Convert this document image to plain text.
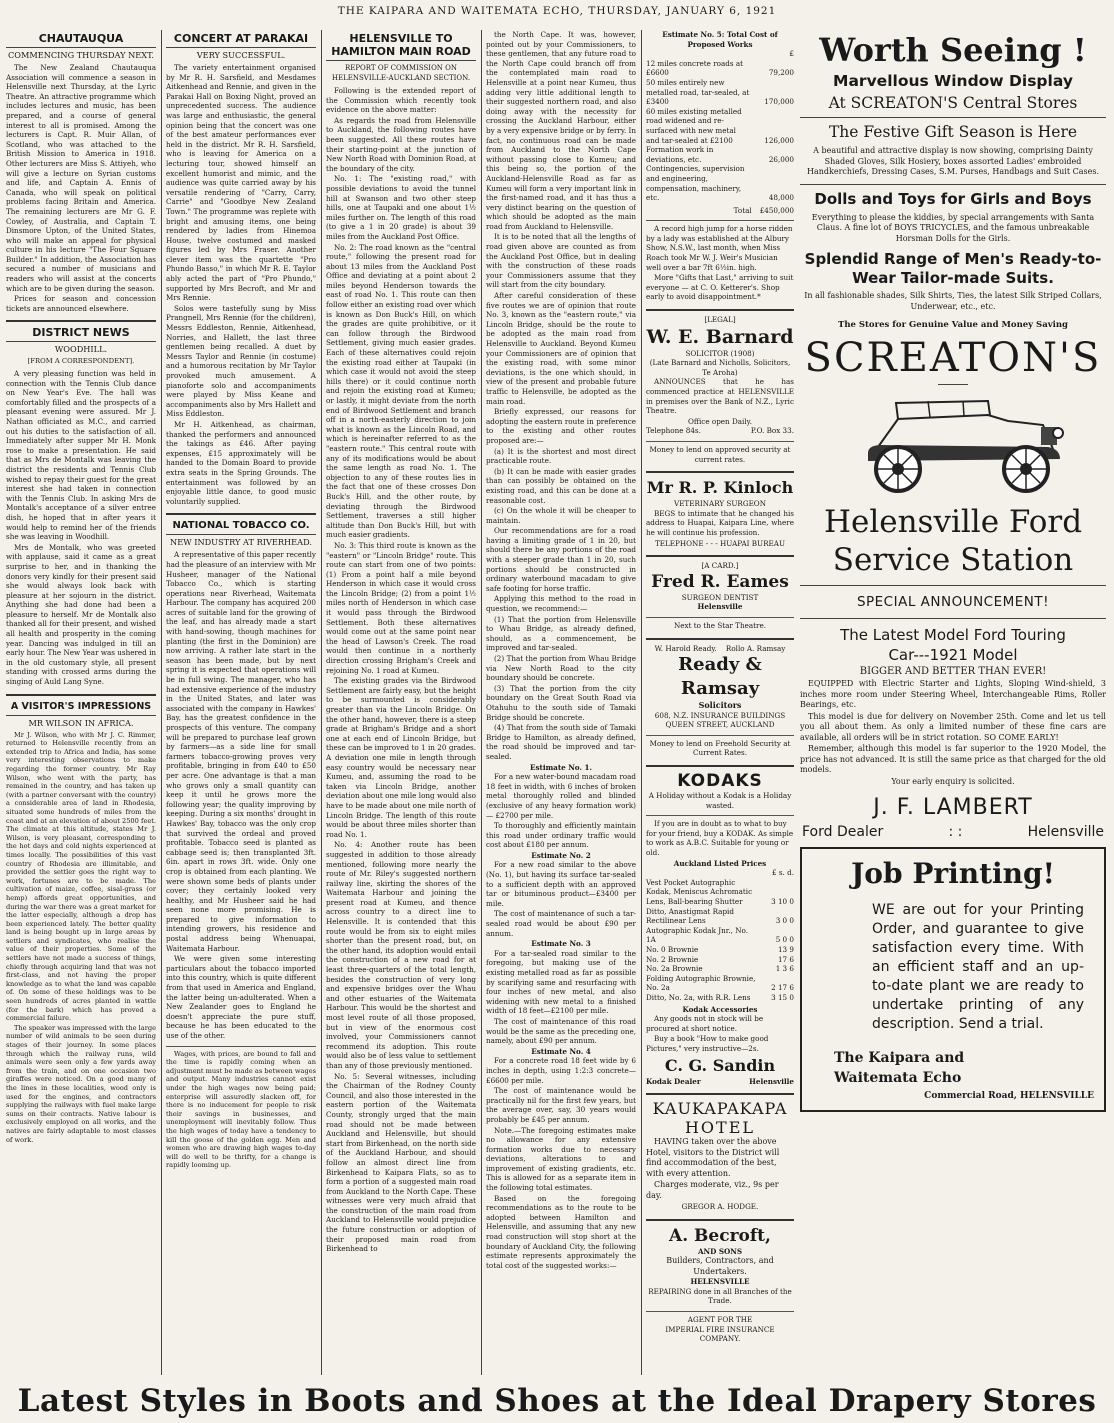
THE KAIPARA AND WAITEMATA ECHO, THURSDAY, JANUARY 6, 1921
CHAUTAUQUA
COMMENCING THURSDAY NEXT.

The New Zealand Chautauqua Association will commence a season in Helensville next Thursday, at the Lyric Theatre. An attractive programme which includes lectures and music, has been prepared, and a course of general interest to all is promised. Among the lecturers is Capt. R. Muir Allan, of Scotland, who was attached to the British Mission to America in 1918. Other lecturers are Miss S. Attiyeh, who will give a lecture on Syrian customs and life, and Captain A. Ennis of Canada, who will speak on political problems facing Britain and America. The remaining lecturers are Mr G. F. Cowley, of Australia, and Captain T. Dinsmore Upton, of the United States, who will make an appeal for physical culture in his lecture "The Four Square Builder." In addition, the Association has secured a number of musicians and readers who will assist at the concerts which are to be given during the season.

Prices for season and concession tickets are announced elsewhere.

DISTRICT NEWS
WOODHILL.
[FROM A CORRESPONDENT].

A very pleasing function was held in connection with the Tennis Club dance on New Year's Eve. The hall was comfortably filled and the prospects of a pleasant evening were assured. Mr J. Nathan officiated as M.C., and carried out his duties to the satisfaction of all. Immediately after supper Mr H. Monk rose to make a presentation. He said that as Mrs de Montalk was leaving the district the residents and Tennis Club wished to repay their guest for the great interest she had taken in connection with the Tennis Club. In asking Mrs de Montalk's acceptance of a silver entree dish, he hoped that in after years it would help to remind her of the friends she was leaving in Woodhill.

Mrs de Montalk, who was greeted with applause, said it came as a great surprise to her, and in thanking the donors very kindly for their present said she would always look back with pleasure at her sojourn in the district. Anything she had done had been a pleasure to herself. Mr de Montalk also thanked all for their present, and wished all health and prosperity in the coming year. Dancing was indulged in till an early hour. The New Year was ushered in in the old customary style, all present standing with crossed arms during the singing of Auld Lang Syne.

A VISITOR'S IMPRESSIONS
MR WILSON IN AFRICA.

Mr J. Wilson, who with Mr J. C. Rimmer, returned to Helensville recently from an extended trip to Africa and India, has some very interesting observations to make regarding the former country. Mr Ray Wilson, who went with the party, has remained in the country, and has taken up (with a partner conversant with the country) a considerable area of land in Rhodesia, situated some hundreds of miles from the coast and at an elevation of about 2500 feet. The climate at this altitude, states Mr J. Wilson, is very pleasant, corresponding to the hot days and cold nights experienced at times locally. The possibilities of this vast country of Rhodesia are illimitable, and provided the settler goes the right way to work, fortunes are to be made. The cultivation of maize, coffee, sisal-grass (or hemp) affords great opportunities, and during the war there was a great market for the latter especially, although a drop has been experienced lately. The better quality land is being bought up in large areas by settlers and syndicates, who realise the value of their properties. Some of the settlers have not made a success of things, chiefly through acquiring land that was not first-class, and not having the proper knowledge as to what the land was capable of. On some of these holdings was to be seen hundreds of acres planted in wattle (for the bark) which has proved a commercial failure.

The speaker was impressed with the large number of wild animals to be seen during stages of their journey. In some places through which the railway runs, wild animals were seen only a few yards away from the train, and on one occasion two giraffes were noticed. On a good many of the lines in these localities, wood only is used for the engines, and contractors supplying the railways with fuel make large sums on their contracts. Native labour is exclusively employed on all works, and the natives are fairly adaptable to most classes of work.

CONCERT AT PARAKAI
VERY SUCCESSFUL.

The variety entertainment organised by Mr R. H. Sarsfield, and Mesdames Aitkenhead and Rennie, and given in the Parakai Hall on Boxing Night, proved an unprecedented success. The audience was large and enthusiastic, the general opinion being that the concert was one of the best amateur performances ever held in the district. Mr R. H. Sarsfield, who is leaving for America on a lecturing tour, showed himself an excellent humorist and mimic, and the audience was quite carried away by his versatile rendering of "Carry, Carry, Carrie" and "Goodbye New Zealand Town." The programme was replete with bright and amusing items, one being rendered by ladies from Hinemoa House, twelve costumed and masked figures led by Mrs Fraser. Another clever item was the quartette "Pro Phundo Basso," in which Mr R. E. Taylor ably acted the part of "Pro Phundo," supported by Mrs Becroft, and Mr and Mrs Rennie.

Solos were tastefully sung by Miss Prangnell, Mrs Rennie (for the children), Messrs Eddleston, Rennie, Aitkenhead, Norries, and Hallett, the last three gentlemen being recalled. A duet by Messrs Taylor and Rennie (in costume) and a humorous recitation by Mr Taylor provoked much amusement. A pianoforte solo and accompaniments were played by Miss Keane and accompaniments also by Mrs Hallett and Miss Eddleston.

Mr H. Aitkenhead, as chairman, thanked the performers and announced the takings as £46. After paying expenses, £15 approximately will be handed to the Domain Board to provide extra seats in the Spring Grounds. The entertainment was followed by an enjoyable little dance, to good music voluntarily supplied.

NATIONAL TOBACCO CO.
NEW INDUSTRY AT RIVERHEAD.

A representative of this paper recently had the pleasure of an interview with Mr Husheer, manager of the National Tobacco Co., which is starting operations near Riverhead, Waitemata Harbour. The company has acquired 200 acres of suitable land for the growing of the leaf, and has already made a start with hand-sowing, though machines for planting (the first in the Dominion) are now arriving. A rather late start in the season has been made, but by next spring it is expected that operations will be in full swing. The manager, who has had extensive experience of the industry in the United States, and later was associated with the company in Hawkes' Bay, has the greatest confidence in the prospects of this venture. The company will be prepared to purchase leaf grown by farmers—as a side line for small farmers tobacco-growing proves very profitable, bringing in from £40 to £50 per acre. One advantage is that a man who grows only a small quantity can keep it until he grows more the following year; the quality improving by keeping. During a six months' drought in Hawkes' Bay, tobacco was the only crop that survived the ordeal and proved profitable. Tobacco seed is planted as cabbage seed is; then transplanted 3ft. 6in. apart in rows 3ft. wide. Only one crop is obtained from each planting. We were shown some beds of plants under cover; they certainly looked very healthy, and Mr Husheer said he had seen none more promising. He is prepared to give information to intending growers, his residence and postal address being Whenuapai, Waitemata Harbour.

We were given some interesting particulars about the tobacco imported into this country, which is quite different from that used in America and England, the latter being un-adulterated. When a New Zealander goes to England he doesn't appreciate the pure stuff, because he has been educated to the use of the other.

Wages, with prices, are bound to fall and the time is rapidly coming when an adjustment must be made as between wages and output. Many industries cannot exist under the high wages now being paid; enterprise will assuredly slacken off, for there is no inducement for people to risk their savings in businesses, and unemployment will inevitably follow. Thus the high wages of today have a tendency to kill the goose of the golden egg. Men and women who are drawing high wages to-day will do well to be thrifty, for a change is rapidly looming up.

HELENSVILLE TO HAMILTON MAIN ROAD
REPORT OF COMMISSION ON HELENSVILLE-AUCKLAND SECTION.

Following is the extended report of the Commission which recently took evidence on the above matter:

As regards the road from Helensville to Auckland, the following routes have been suggested. All these routes have their starting-point at the junction of New North Road with Dominion Road, at the boundary of the city.

No. 1: The "existing road," with possible deviations to avoid the tunnel hill at Swanson and two other steep hills, one at Taupaki and one about 1½ miles further on. The length of this road (to give a 1 in 20 grade) is about 39 miles from the Auckland Post Office.

No. 2: The road known as the "central route," following the present road for about 13 miles from the Auckland Post Office and deviating at a point about 2 miles beyond Henderson towards the east of road No. 1. This route can then follow either an existing road over which is known as Don Buck's Hill, on which the grades are quite prohibitive, or it can follow through the Birdwood Settlement, giving much easier grades. Each of these alternatives could rejoin the existing road either at Taupaki (in which case it would not avoid the steep hills there) or it could continue north and rejoin the existing road at Kumeu; or lastly, it might deviate from the north end of Birdwood Settlement and branch off in a north-easterly direction to join what is known as the Lincoln Road, and which is hereinafter referred to as the "eastern route." This central route with any of its modifications would be about the same length as road No. 1. The objection to any of these routes lies in the fact that one of these crosses Don Buck's Hill, and the other route, by deviating through the Birdwood Settlement, traverses a still higher altitude than Don Buck's Hill, but with much easier gradients.

No. 3: This third route is known as the "eastern" or "Lincoln Bridge" route. This route can start from one of two points: (1) From a point half a mile beyond Henderson in which case it would cross the Lincoln Bridge; (2) from a point 1½ miles north of Henderson in which case it would pass through the Birdwood Settlement. Both these alternatives would come out at the same point near the head of Lawson's Creek. The road would then continue in a northerly direction crossing Brigham's Creek and rejoining No. 1 road at Kumeu.

The existing grades via the Birdwood Settlement are fairly easy, but the height to be surmounted is considerably greater than via the Lincoln Bridge. On the other hand, however, there is a steep grade at Brigham's Bridge and a short one at each end of Lincoln Bridge, but these can be improved to 1 in 20 grades. A deviation one mile in length through easy country would be necessary near Kumeu, and, assuming the road to be taken via Lincoln Bridge, another deviation about one mile long would also have to be made about one mile north of Lincoln Bridge. The length of this route would be about three miles shorter than road No. 1.

No. 4: Another route has been suggested in addition to those already mentioned, following more nearly the route of Mr. Riley's suggested northern railway line, skirting the shores of the Waitemata Harbour and joining the present road at Kumeu, and thence across country to a direct line to Helensville. It is contended that this route would be from six to eight miles shorter than the present road, but, on the other hand, its adoption would entail the construction of a new road for at least three-quarters of the total length, besides the construction of very long and expensive bridges over the Whau and other estuaries of the Waitemata Harbour. This would be the shortest and most level route of all those proposed, but in view of the enormous cost involved, your Commissioners cannot recommend its adoption. This route would also be of less value to settlement than any of those previously mentioned.

No. 5: Several witnesses, including the Chairman of the Rodney County Council, and also those interested in the eastern portion of the Waitemata County, strongly urged that the main road should not be made between Auckland and Helensville, but should start from Birkenhead, on the north side of the Auckland Harbour, and should follow an almost direct line from Birkenhead to Kaipara Flats, so as to form a portion of a suggested main road from Auckland to the North Cape. These witnesses were very much afraid that the construction of the main road from Auckland to Helensville would prejudice the future construction or adoption of their proposed main road from Birkenhead to

the North Cape. It was, however, pointed out by your Commissioners, to these gentlemen, that any future road to the North Cape could branch off from the contemplated main road to Helensville at a point near Kumeu, thus adding very little additional length to their suggested northern road, and also doing away with the necessity for crossing the Auckland Harbour, either by a very expensive bridge or by ferry. In fact, no continuous road can be made from Auckland to the North Cape without passing close to Kumeu; and this being so, the portion of the Auckland-Helensville Road as far as Kumeu will form a very important link in the first-named road, and it has thus a very distinct bearing on the question of which should be adopted as the main road from Auckland to Helensville.

It is to be noted that all the lengths of road given above are counted as from the Auckland Post Office, but in dealing with the construction of these roads your Commissioners assume that they will start from the city boundary.

After careful consideration of these five routes we are of opinion that route No. 3, known as the "eastern route," via Lincoln Bridge, should be the route to be adopted as the main road from Helensville to Auckland. Beyond Kumeu your Commissioners are of opinion that the existing road, with some minor deviations, is the one which should, in view of the present and probable future traffic to Helensville, be adopted as the main road.

Briefly expressed, our reasons for adopting the eastern route in preference to the existing and other routes proposed are:—

(a) It is the shortest and most direct practicable route.

(b) It can be made with easier grades than can possibly be obtained on the existing road, and this can be done at a reasonable cost.

(c) On the whole it will be cheaper to maintain.

Our recommendations are for a road having a limiting grade of 1 in 20, but should there be any portions of the road with a steeper grade than 1 in 20, such portions should be constructed in ordinary waterbound macadam to give safe footing for horse traffic.

Applying this method to the road in question, we recommend:—

(1) That the portion from Helensville to Whau Bridge, as already defined, should, as a commencement, be improved and tar-sealed.

(2) That the portion from Whau Bridge via New North Road to the city boundary should be concrete.

(3) That the portion from the city boundary on the Great South Road via Otahuhu to the south side of Tamaki Bridge should be concrete.

(4) That from the south side of Tamaki Bridge to Hamilton, as already defined, the road should be improved and tar-sealed.

Estimate No. 1.

For a new water-bound macadam road 18 feet in width, with 6 inches of broken metal thoroughly rolled and blinded (exclusive of any heavy formation work) — £2700 per mile.

To thoroughly and efficiently maintain this road under ordinary traffic would cost about £180 per annum.

Estimate No. 2

For a new road similar to the above (No. 1), but having its surface tar-sealed to a sufficient depth with an approved tar or bituminous product—£3400 per mile.

The cost of maintenance of such a tar-sealed road would be about £90 per annum.

Estimate No. 3

For a tar-sealed road similar to the foregoing, but making use of the existing metalled road as far as possible by scarifying same and resurfacing with four inches of new metal, and also widening with new metal to a finished width of 18 feet—£2100 per mile.

The cost of maintenance of this road would be the same as the preceding one, namely, about £90 per annum.

Estimate No. 4

For a concrete road 18 feet wide by 6 inches in depth, using 1:2:3 concrete—£6600 per mile.

The cost of maintenance would be practically nil for the first few years, but the average over, say, 30 years would probably be £45 per annum.

Note.—The foregoing estimates make no allowance for any extensive formation works due to necessary deviations, alterations to and improvement of existing gradients, etc. This is allowed for as a separate item in the following total estimates.

Based on the foregoing recommendations as to the route to be adopted between Hamilton and Helensville, and assuming that any new road construction will stop short at the boundary of Auckland City, the following estimate represents approximately the total cost of the suggested works:—

Estimate No. 5: Total Cost of Proposed Works
£
12 miles concrete roads at £6600	79,200
50 miles entirely new metalled road, tar-sealed, at £3400	170,000
60 miles existing metalled road widened and re-surfaced with new metal and tar-sealed at £2100	126,000
Formation work in deviations, etc.	26,000
Contingencies, supervision and engineering, compensation, machinery, etc.	48,000
Total £450,000

A record high jump for a horse ridden by a lady was established at the Albury Show, N.S.W., last month, when Miss Roach took Mr W. J. Weir's Musician well over a bar 7ft 6½in. high.

More "Gifts that Last," arriving to suit everyone — at C. O. Ketterer's. Shop early to avoid disappointment.*

[LEGAL]
W. E. Barnard
SOLICITOR (1908)
(Late Barnard and Nicholls, Solicitors, Te Aroha)

ANNOUNCES that he has commenced practice at HELENSVILLE in premises over the Bank of N.Z., Lyric Theatre.

Office open Daily.
Telephone 84s.	P.O. Box 33.
Money to lend on approved security at current rates.
Mr R. P. Kinloch
VETERINARY SURGEON

BEGS to intimate that he changed his address to Huapai, Kaipara Line, where he will continue his profession.

TELEPHONE - - - HUAPAI BUREAU
[A CARD.]
Fred R. Eames
SURGEON DENTIST
Helensville
Next to the Star Theatre.
W. Harold Ready.    Rollo A. Ramsay
Ready & Ramsay
Solicitors
608, N.Z. INSURANCE BUILDINGS
QUEEN STREET, AUCKLAND
Money to lend on Freehold Security at Current Rates.
KODAKS
A Holiday without a Kodak is a Holiday wasted.

If you are in doubt as to what to buy for your friend, buy a KODAK. As simple to work as A.B.C. Suitable for young or old.

Auckland Listed Prices
£ s. d.
Vest Pocket Autographic Kodak, Meniscus Achromatic Lens, Ball-bearing Shutter	3 10 0
Ditto, Anastigmat Rapid Rectilinear Lens	3 0 0
Autographic Kodak Jnr., No. 1A	5 0 0
No. 0 Brownie	13 9
No. 2 Brownie	17 6
No. 2a Brownie	1 3 6
Folding Autographic Brownie, No. 2a	2 17 6
Ditto, No. 2a, with R.R. Lens	3 15 0
Kodak Accessories

Any goods not in stock will be procured at short notice.

Buy a book "How to make good Pictures," very instructive—2s.

C. G. Sandin
Kodak Dealer	Helensville
KAUKAPAKAPA
HOTEL

HAVING taken over the above Hotel, visitors to the District will find accommodation of the best, with every attention.

Charges moderate, viz., 9s per day.

GREGOR A. HODGE.
A. Becroft,
AND SONS
Builders, Contractors, and Undertakers.
HELENSVILLE
REPAIRING done in all Branches of the Trade.
AGENT FOR THE
IMPERIAL FIRE INSURANCE COMPANY.
Worth Seeing !
Marvellous Window Display
At SCREATON'S Central Stores
The Festive Gift Season is Here
A beautiful and attractive display is now showing, comprising Dainty Shaded Gloves, Silk Hosiery, boxes assorted Ladies' embroided Handkerchiefs, Dressing Cases, S.M. Purses, Handbags and Suit Cases.
Dolls and Toys for Girls and Boys
Everything to please the kiddies, by special arrangements with Santa Claus. A fine lot of BOYS TRICYCLES, and the famous unbreakable Horsman Dolls for the Girls.
Splendid Range of Men's Ready-to-Wear Tailor-made Suits.
In all fashionable shades, Silk Shirts, Ties, the latest Silk Striped Collars, Underwear, etc., etc.
The Stores for Genuine Value and Money Saving
SCREATON'S
Helensville Ford
Service Station
SPECIAL ANNOUNCEMENT!
The Latest Model Ford Touring
Car---1921 Model
BIGGER AND BETTER THAN EVER!

EQUIPPED with Electric Starter and Lights, Sloping Wind-shield, 3 inches more room under Steering Wheel, Interchangeable Rims, Roller Bearings, etc.

This model is due for delivery on November 25th. Come and let us tell you all about them. As only a limited number of these fine cars are available, all orders will be in strict rotation. SO COME EARLY!

Remember, although this model is far superior to the 1920 Model, the price has not advanced. It is still the same price as that charged for the old models.

Your early enquiry is solicited.
J. F. LAMBERT
Ford Dealer	: :	Helensville
Job Printing!
WE are out for your Printing Order, and guarantee to give satisfaction every time. With an efficient staff and an up-to-date plant we are ready to undertake printing of any description. Send a trial.
The Kaipara and
Waitemata Echo
Commercial Road, HELENSVILLE
Latest Styles in Boots and Shoes at the Ideal Drapery Stores
